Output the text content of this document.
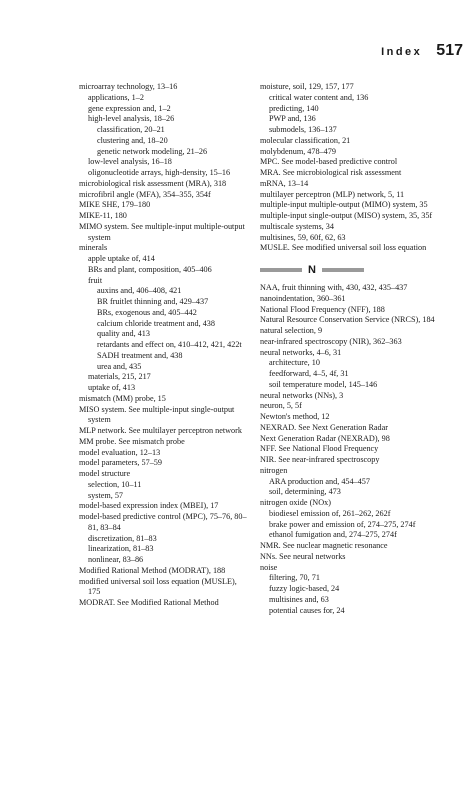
Index 517
microarray technology, 13–16
applications, 1–2
gene expression and, 1–2
high-level analysis, 18–26
classification, 20–21
clustering and, 18–20
genetic network modeling, 21–26
low-level analysis, 16–18
oligonucleotide arrays, high-density, 15–16
microbiological risk assessment (MRA), 318
microfibril angle (MFA), 354–355, 354f
MIKE SHE, 179–180
MIKE-11, 180
MIMO system. See multiple-input multiple-output system
minerals
apple uptake of, 414
BRs and plant, composition, 405–406
fruit
auxins and, 406–408, 421
BR fruitlet thinning and, 429–437
BRs, exogenous and, 405–442
calcium chloride treatment and, 438
quality and, 413
retardants and effect on, 410–412, 421, 422t
SADH treatment and, 438
urea and, 435
materials, 215, 217
uptake of, 413
mismatch (MM) probe, 15
MISO system. See multiple-input single-output system
MLP network. See multilayer perceptron network
MM probe. See mismatch probe
model evaluation, 12–13
model parameters, 57–59
model structure
selection, 10–11
system, 57
model-based expression index (MBEI), 17
model-based predictive control (MPC), 75–76, 80–81, 83–84
discretization, 81–83
linearization, 81–83
nonlinear, 83–86
Modified Rational Method (MODRAT), 188
modified universal soil loss equation (MUSLE), 175
MODRAT. See Modified Rational Method
moisture, soil, 129, 157, 177
critical water content and, 136
predicting, 140
PWP and, 136
submodels, 136–137
molecular classification, 21
molybdenum, 478–479
MPC. See model-based predictive control
MRA. See microbiological risk assessment
mRNA, 13–14
multilayer perceptron (MLP) network, 5, 11
multiple-input multiple-output (MIMO) system, 35
multiple-input single-output (MISO) system, 35, 35f
multiscale systems, 34
multisines, 59, 60f, 62, 63
MUSLE. See modified universal soil loss equation
N
NAA, fruit thinning with, 430, 432, 435–437
nanoindentation, 360–361
National Flood Frequency (NFF), 188
Natural Resource Conservation Service (NRCS), 184
natural selection, 9
near-infrared spectroscopy (NIR), 362–363
neural networks, 4–6, 31
architecture, 10
feedforward, 4–5, 4f, 31
soil temperature model, 145–146
neural networks (NNs), 3
neuron, 5, 5f
Newton's method, 12
NEXRAD. See Next Generation Radar
Next Generation Radar (NEXRAD), 98
NFF. See National Flood Frequency
NIR. See near-infrared spectroscopy
nitrogen
ARA production and, 454–457
soil, determining, 473
nitrogen oxide (NOx)
biodiesel emission of, 261–262, 262f
brake power and emission of, 274–275, 274f
ethanol fumigation and, 274–275, 274f
NMR. See nuclear magnetic resonance
NNs. See neural networks
noise
filtering, 70, 71
fuzzy logic-based, 24
multisines and, 63
potential causes for, 24
